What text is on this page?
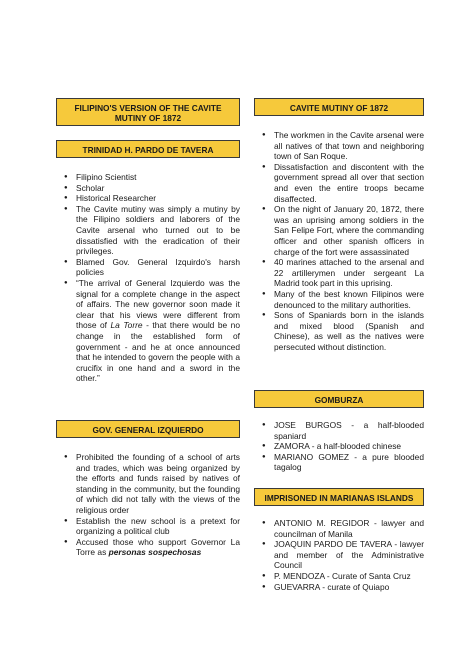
FILIPINO'S VERSION OF THE CAVITE MUTINY OF 1872
TRINIDAD H. PARDO DE TAVERA
● Filipino Scientist
● Scholar
● Historical Researcher
● The Cavite mutiny was simply a mutiny by the Filipino soldiers and laborers of the Cavite arsenal who turned out to be dissatisfied with the eradication of their privileges.
● Blamed Gov. General Izquirdo's harsh policies
● “The arrival of General Izquierdo was the signal for a complete change in the aspect of affairs. The new governor soon made it clear that his views were different from those of La Torre - that there would be no change in the established form of government - and he at once announced that he intended to govern the people with a crucifix in one hand and a sword in the other.”
GOV. GENERAL IZQUIERDO
● Prohibited the founding of a school of arts and trades, which was being organized by the efforts and funds raised by natives of standing in the community, but the founding of which did not tally with the views of the religious order
● Establish the new school is a pretext for organizing a political club
● Accused those who support Governor La Torre as personas sospechosas
CAVITE MUTINY OF 1872
● The workmen in the Cavite arsenal were all natives of that town and neighboring town of San Roque.
● Dissatisfaction and discontent with the government spread all over that section and even the entire troops became disaffected.
● On the night of January 20, 1872, there was an uprising among soldiers in the San Felipe Fort, where the commanding officer and other spanish officers in charge of the fort were assassinated
● 40 marines attached to the arsenal and 22 artillerymen under sergeant La Madrid took part in this uprising.
● Many of the best known Filipinos were denounced to the military authorities.
● Sons of Spaniards born in the islands and mixed blood (Spanish and Chinese), as well as the natives were persecuted without distinction.
GOMBURZA
● JOSE BURGOS - a half-blooded spaniard
● ZAMORA - a half-blooded chinese
● MARIANO GOMEZ - a pure blooded tagalog
IMPRISONED IN MARIANAS ISLANDS
● ANTONIO M. REGIDOR - lawyer and councilman of Manila
● JOAQUIN PARDO DE TAVERA - lawyer and member of the Administrative Council
● P. MENDOZA - Curate of Santa Cruz
● GUEVARRA - curate of Quiapo
